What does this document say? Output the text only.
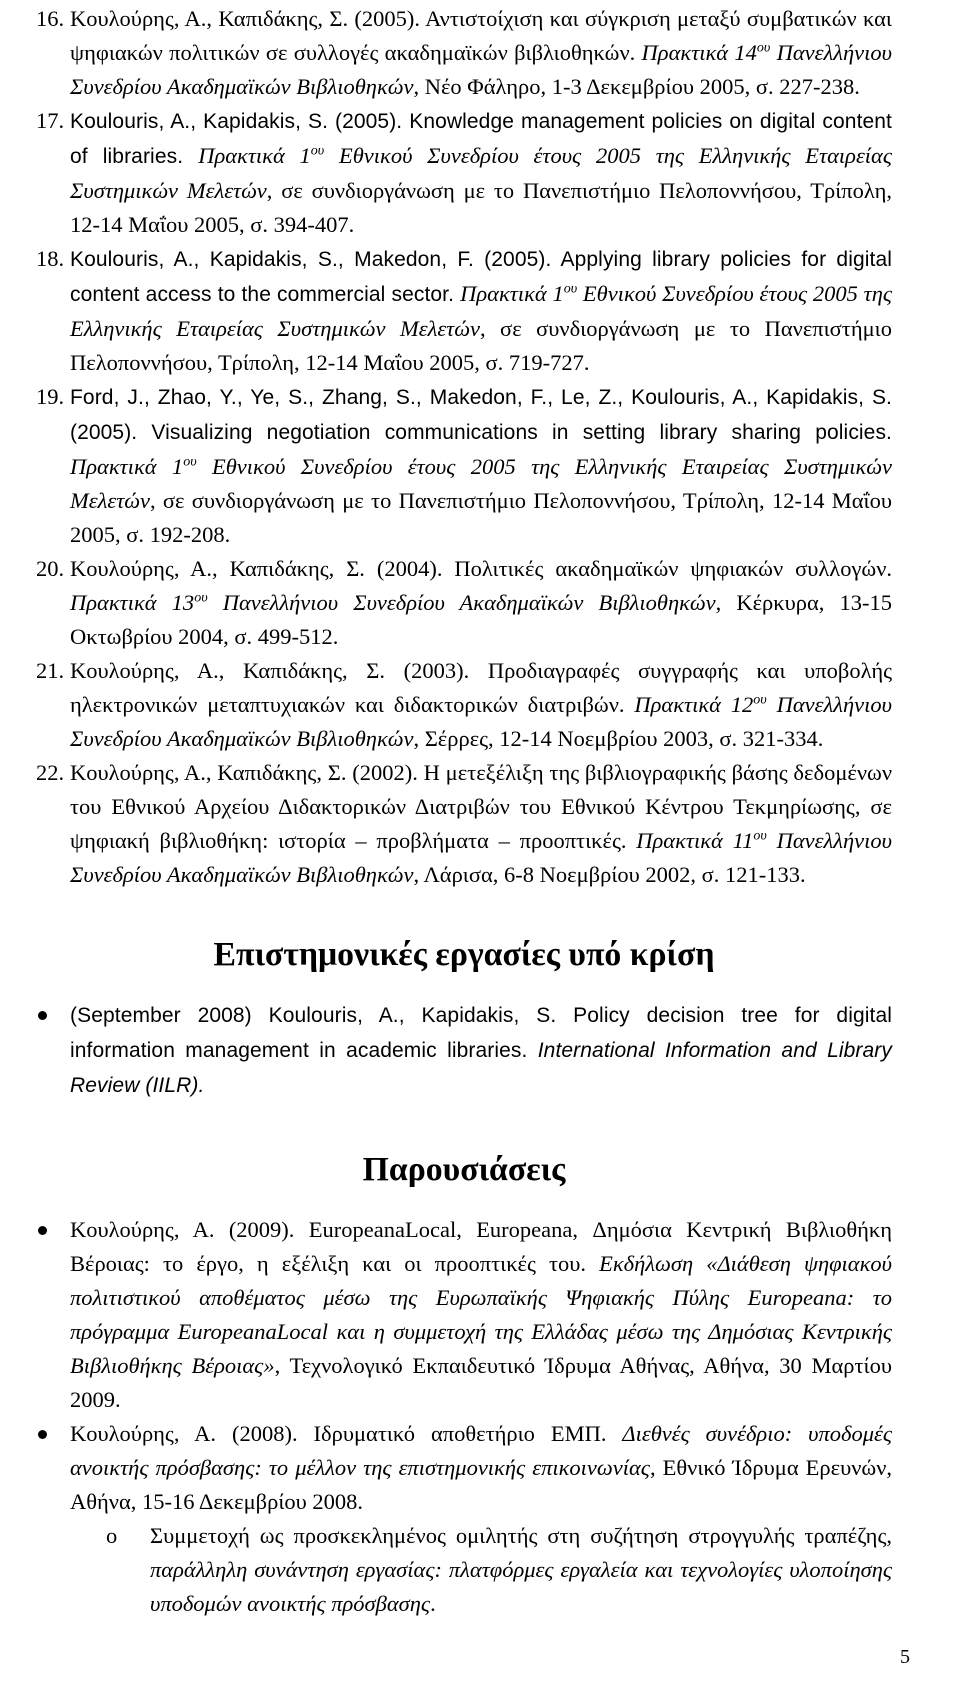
16. Κουλούρης, Α., Καπιδάκης, Σ. (2005). Αντιστοίχιση και σύγκριση μεταξύ συμβατικών και ψηφιακών πολιτικών σε συλλογές ακαδημαϊκών βιβλιοθηκών. Πρακτικά $14^{o\upsilon}$ Πανελλήνιου Συνεδρίου Ακαδημαϊκών Βιβλιοθηκών, Νέο Φάληρο, 1-3 Δεκεμβρίου 2005, σ. 227-238.
17. Koulouris, A., Kapidakis, S. (2005). Knowledge management policies on digital content of libraries. Πρακτικά $1^{o\upsilon}$ Εθνικού Συνεδρίου έτους 2005 της Ελληνικής Εταιρείας Συστημικών Μελετών, σε συνδιοργάνωση με το Πανεπιστήμιο Πελοποννήσου, Τρίπολη, 12-14 Μαΐου 2005, σ. 394-407.
18. Koulouris, A., Kapidakis, S., Makedon, F. (2005). Applying library policies for digital content access to the commercial sector. Πρακτικά $1^{o\upsilon}$ Εθνικού Συνεδρίου έτους 2005 της Ελληνικής Εταιρείας Συστημικών Μελετών, σε συνδιοργάνωση με το Πανεπιστήμιο Πελοποννήσου, Τρίπολη, 12-14 Μαΐου 2005, σ. 719-727.
19. Ford, J., Zhao, Y., Ye, S., Zhang, S., Makedon, F., Le, Z., Koulouris, A., Kapidakis, S. (2005). Visualizing negotiation communications in setting library sharing policies. Πρακτικά $1^{o\upsilon}$ Εθνικού Συνεδρίου έτους 2005 της Ελληνικής Εταιρείας Συστημικών Μελετών, σε συνδιοργάνωση με το Πανεπιστήμιο Πελοποννήσου, Τρίπολη, 12-14 Μαΐου 2005, σ. 192-208.
20. Κουλούρης, Α., Καπιδάκης, Σ. (2004). Πολιτικές ακαδημαϊκών ψηφιακών συλλογών. Πρακτικά $13^{o\upsilon}$ Πανελλήνιου Συνεδρίου Ακαδημαϊκών Βιβλιοθηκών, Κέρκυρα, 13-15 Οκτωβρίου 2004, σ. 499-512.
21. Κουλούρης, Α., Καπιδάκης, Σ. (2003). Προδιαγραφές συγγραφής και υποβολής ηλεκτρονικών μεταπτυχιακών και διδακτορικών διατριβών. Πρακτικά $12^{o\upsilon}$ Πανελλήνιου Συνεδρίου Ακαδημαϊκών Βιβλιοθηκών, Σέρρες, 12-14 Νοεμβρίου 2003, σ. 321-334.
22. Κουλούρης, Α., Καπιδάκης, Σ. (2002). Η μετεξέλιξη της βιβλιογραφικής βάσης δεδομένων του Εθνικού Αρχείου Διδακτορικών Διατριβών του Εθνικού Κέντρου Τεκμηρίωσης, σε ψηφιακή βιβλιοθήκη: ιστορία – προβλήματα – προοπτικές. Πρακτικά $11^{o\upsilon}$ Πανελλήνιου Συνεδρίου Ακαδημαϊκών Βιβλιοθηκών, Λάρισα, 6-8 Νοεμβρίου 2002, σ. 121-133.
Επιστημονικές εργασίες υπό κρίση
(September 2008) Koulouris, A., Kapidakis, S. Policy decision tree for digital information management in academic libraries. International Information and Library Review (IILR).
Παρουσιάσεις
Κουλούρης, Α. (2009). EuropeanaLocal, Europeana, Δημόσια Κεντρική Βιβλιοθήκη Βέροιας: το έργο, η εξέλιξη και οι προοπτικές του. Εκδήλωση «Διάθεση ψηφιακού πολιτιστικού αποθέματος μέσω της Ευρωπαϊκής Ψηφιακής Πύλης Europeana: το πρόγραμμα EuropeanaLocal και η συμμετοχή της Ελλάδας μέσω της Δημόσιας Κεντρικής Βιβλιοθήκης Βέροιας», Τεχνολογικό Εκπαιδευτικό Ίδρυμα Αθήνας, Αθήνα, 30 Μαρτίου 2009.
Κουλούρης, Α. (2008). Ιδρυματικό αποθετήριο ΕΜΠ. Διεθνές συνέδριο: υποδομές ανοικτής πρόσβασης: το μέλλον της επιστημονικής επικοινωνίας, Εθνικό Ίδρυμα Ερευνών, Αθήνα, 15-16 Δεκεμβρίου 2008.
o	Συμμετοχή ως προσκεκλημένος ομιλητής στη συζήτηση στρογγυλής τραπέζης, παράλληλη συνάντηση εργασίας: πλατφόρμες εργαλεία και τεχνολογίες υλοποίησης υποδομών ανοικτής πρόσβασης.
5
